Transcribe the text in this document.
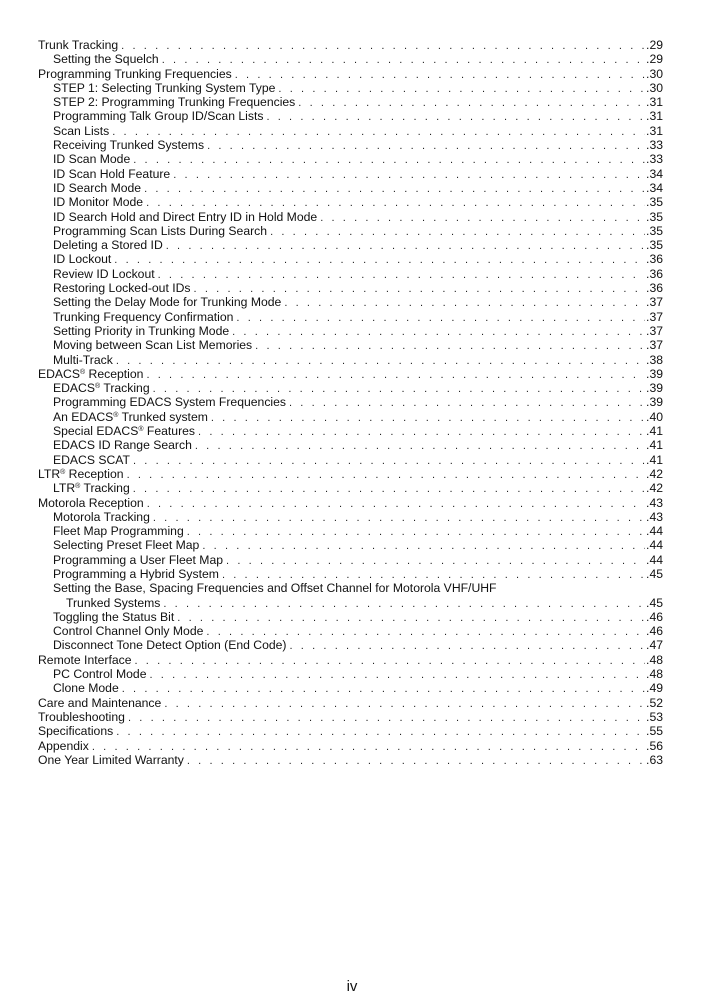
Trunk Tracking . . .	. 29
Setting the Squelch . . .	. 29
Programming Trunking Frequencies . . .	. 30
STEP 1: Selecting Trunking System Type . . .	. 30
STEP 2: Programming Trunking Frequencies . . .	. 31
Programming Talk Group ID/Scan Lists . . .	. 31
Scan Lists . . .	. 31
Receiving Trunked Systems . . .	. 33
ID Scan Mode . . .	. 33
ID Scan Hold Feature . . .	. 34
ID Search Mode . . .	. 34
ID Monitor Mode . . .	. 35
ID Search Hold and Direct Entry ID in Hold Mode . . .	. 35
Programming Scan Lists During Search . . .	. 35
Deleting a Stored ID . . .	. 35
ID Lockout . . .	. 36
Review ID Lockout . . .	. 36
Restoring Locked-out IDs . . .	. 36
Setting the Delay Mode for Trunking Mode . . .	. 37
Trunking Frequency Confirmation . . .	. 37
Setting Priority in Trunking Mode . . .	. 37
Moving between Scan List Memories . . .	. 37
Multi-Track . . .	. 38
EDACS® Reception . . .	. 39
EDACS® Tracking . . .	. 39
Programming EDACS System Frequencies . . .	. 39
An EDACS® Trunked system . . .	. 40
Special EDACS® Features . . .	. 41
EDACS ID Range Search . . .	. 41
EDACS SCAT . . .	. 41
LTR® Reception . . .	. 42
LTR® Tracking . . .	. 42
Motorola Reception . . .	. 43
Motorola Tracking . . .	. 43
Fleet Map Programming . . .	. 44
Selecting Preset Fleet Map . . .	. 44
Programming a User Fleet Map . . .	. 44
Programming a Hybrid System . . .	. 45
Setting the Base, Spacing Frequencies and Offset Channel for Motorola VHF/UHF
Trunked Systems . . .	. 45
Toggling the Status Bit . . .	. 46
Control Channel Only Mode . . .	. 46
Disconnect Tone Detect Option (End Code) . . .	. 47
Remote Interface . . .	. 48
PC Control Mode . . .	. 48
Clone Mode . . .	. 49
Care and Maintenance . . .	. 52
Troubleshooting . . .	. 53
Specifications . . .	. 55
Appendix . . .	. 56
One Year Limited Warranty . . .	. 63
iv
